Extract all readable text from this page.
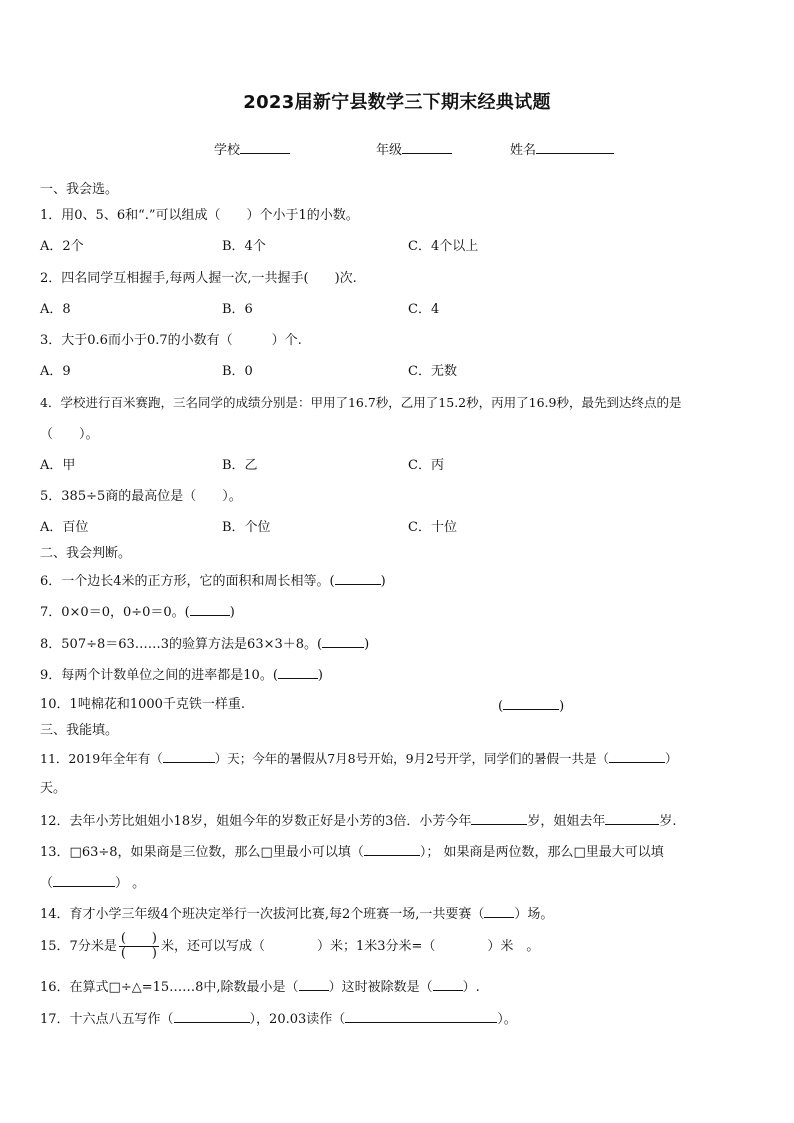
2023届新宁县数学三下期末经典试题
学校	年级	姓名
一、我会选。
1．用0、5、6和“.”可以组成（　　）个小于1的小数。
A．2个	B．4个	C．4个以上
2．四名同学互相握手,每两人握一次,一共握手(　　)次.
A．8	B．6	C．4
3．大于0.6而小于0.7的小数有（　　　）个.
A．9	B．0	C．无数
4．学校进行百米赛跑，三名同学的成绩分别是：甲用了16.7秒，乙用了15.2秒，丙用了16.9秒，最先到达终点的是
（　　）。
A．甲	B．乙	C．丙
5．385÷5商的最高位是（　　）。
A．百位	B．个位	C．十位
二、我会判断。
6．一个边长4米的正方形，它的面积和周长相等。(	)
7．0×0＝0，0÷0＝0。(	)
8．507÷8＝63……3的验算方法是63×3＋8。(	)
9．每两个计数单位之间的进率都是10。(	)
10．1吨棉花和1000千克铁一样重.	(	)
三、我能填。
11．2019年全年有（	）天；今年的暑假从7月8号开始，9月2号开学，同学们的暑假一共是（	）
天。
12．去年小芳比姐姐小18岁，姐姐今年的岁数正好是小芳的3倍．小芳今年	岁，姐姐去年	岁.
13．□63÷8，如果商是三位数，那么□里最小可以填（	）； 如果商是两位数，那么□里最大可以填
（	） 。
14．育才小学三年级4个班决定举行一次拔河比赛,每2个班赛一场,一共要赛（ ）场。
15．7分米是 $\frac{( )}{( )}$ 米，还可以写成（　　　　）米；1米3分米=（　　　　）米　。
16．在算式□÷△=15……8中,除数最小是（ ）这时被除数是（ ）.
17．十六点八五写作（	），20.03读作（	）。
